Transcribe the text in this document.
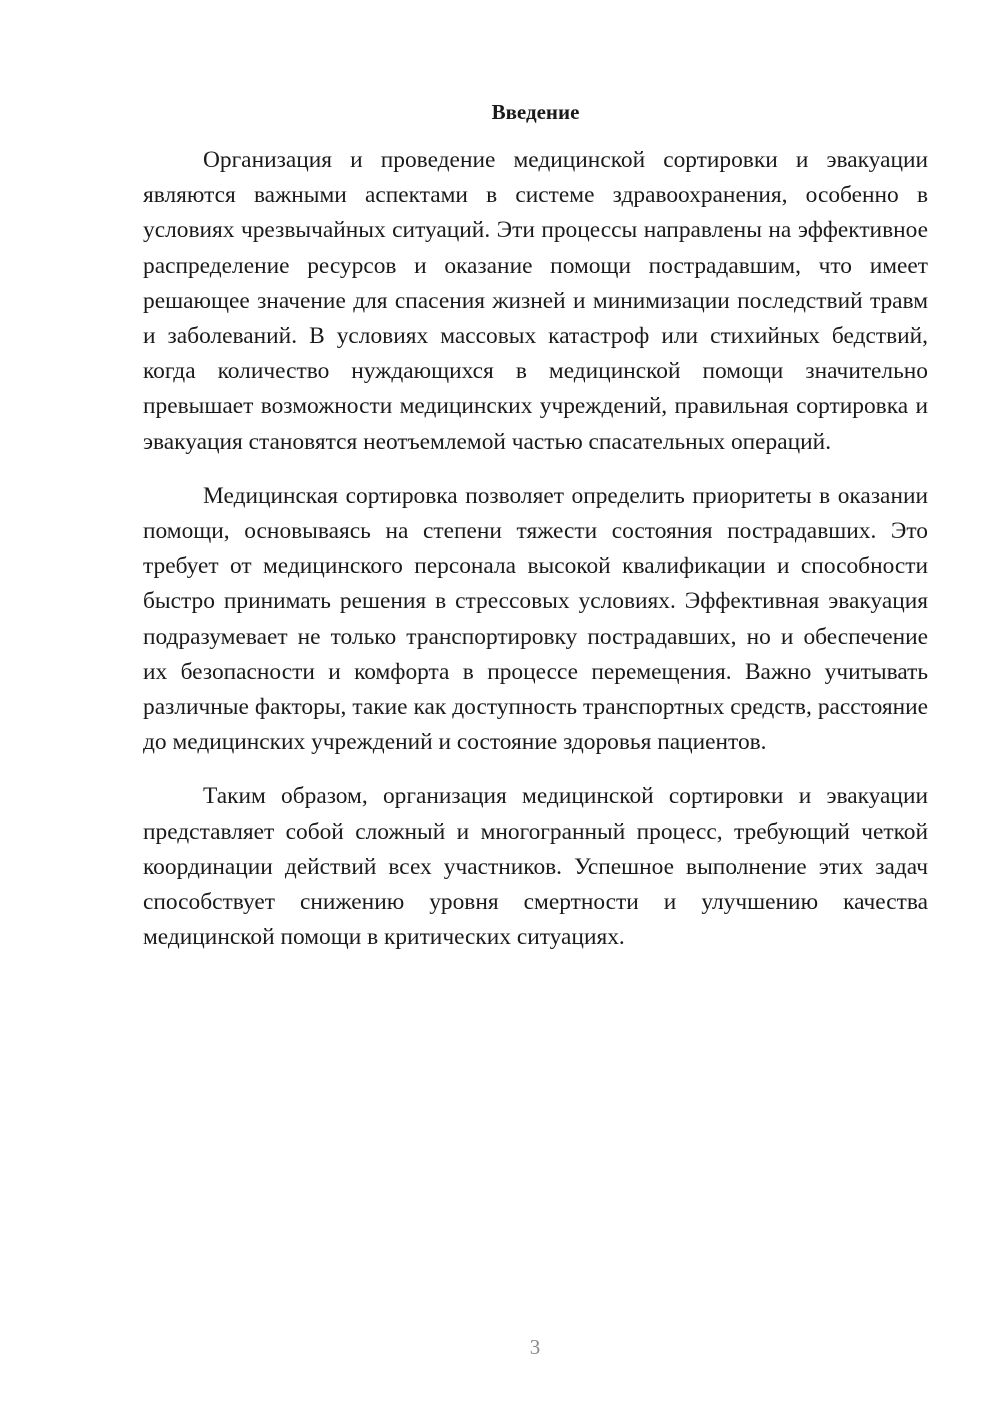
Введение

Организация и проведение медицинской сортировки и эвакуации являются важными аспектами в системе здравоохранения, особенно в условиях чрезвычайных ситуаций. Эти процессы направлены на эффективное распределение ресурсов и оказание помощи пострадавшим, что имеет решающее значение для спасения жизней и минимизации последствий травм и заболеваний. В условиях массовых катастроф или стихийных бедствий, когда количество нуждающихся в медицинской помощи значительно превышает возможности медицинских учреждений, правильная сортировка и эвакуация становятся неотъемлемой частью спасательных операций.

Медицинская сортировка позволяет определить приоритеты в оказании помощи, основываясь на степени тяжести состояния пострадавших. Это требует от медицинского персонала высокой квалификации и способности быстро принимать решения в стрессовых условиях. Эффективная эвакуация подразумевает не только транспортировку пострадавших, но и обеспечение их безопасности и комфорта в процессе перемещения. Важно учитывать различные факторы, такие как доступность транспортных средств, расстояние до медицинских учреждений и состояние здоровья пациентов.

Таким образом, организация медицинской сортировки и эвакуации представляет собой сложный и многогранный процесс, требующий четкой координации действий всех участников. Успешное выполнение этих задач способствует снижению уровня смертности и улучшению качества медицинской помощи в критических ситуациях.

3
